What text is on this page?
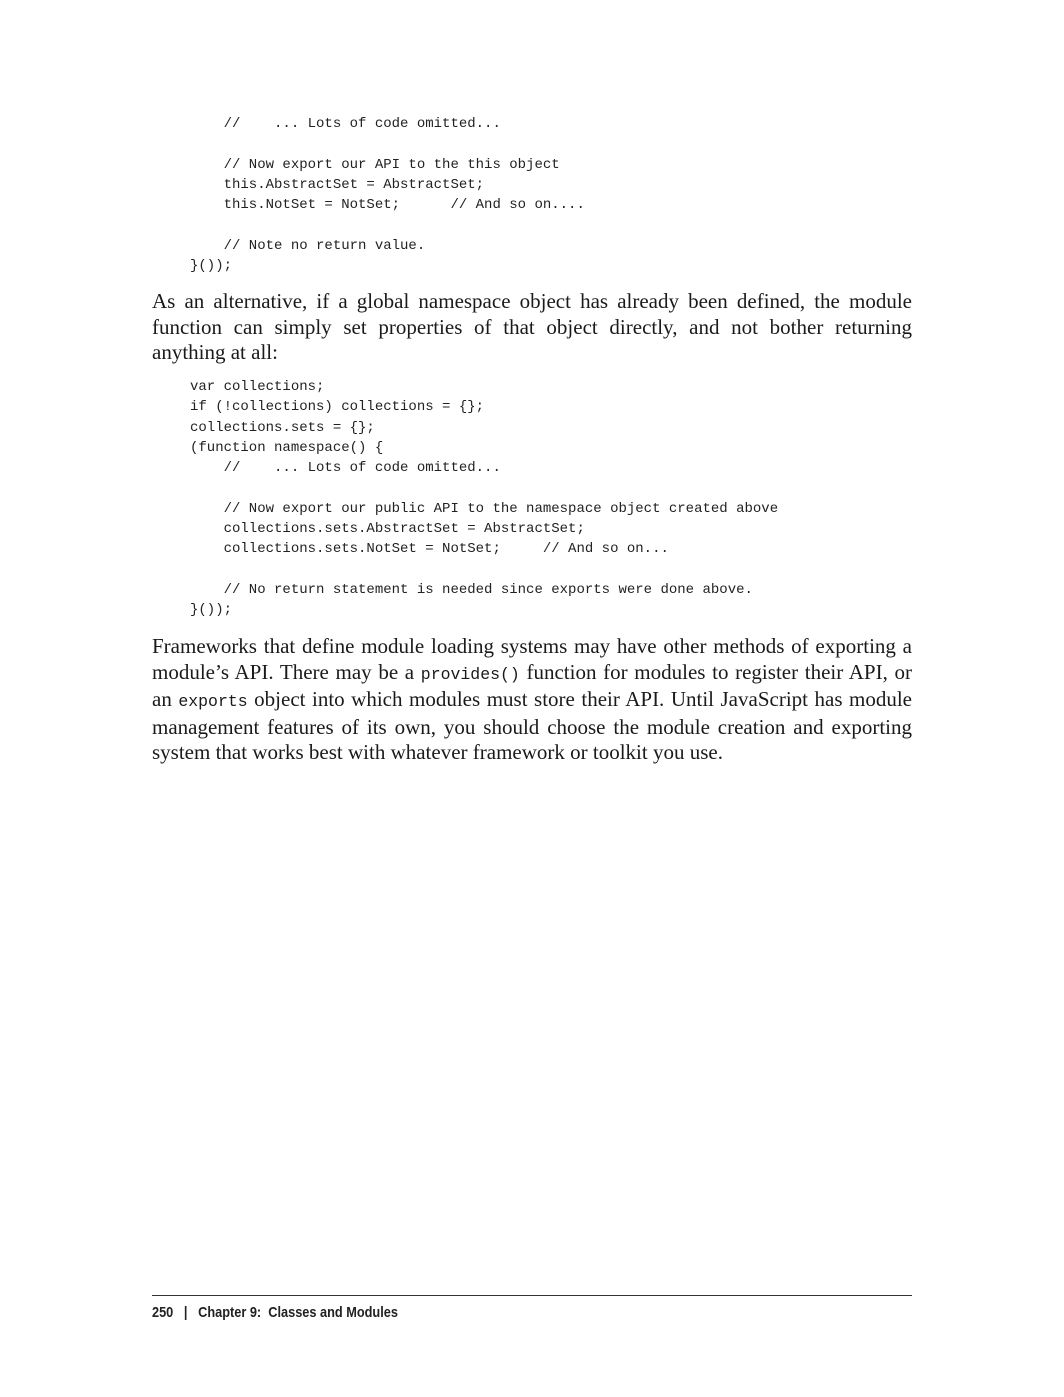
//    ... Lots of code omitted...
// Now export our API to the this object
this.AbstractSet = AbstractSet;
this.NotSet = NotSet;      // And so on....
// Note no return value.
}());

As an alternative, if a global namespace object has already been defined, the module function can simply set properties of that object directly, and not bother returning anything at all:

var collections;
if (!collections) collections = {};
collections.sets = {};
(function namespace() {
//    ... Lots of code omitted...
// Now export our public API to the namespace object created above
collections.sets.AbstractSet = AbstractSet;
collections.sets.NotSet = NotSet;     // And so on...
// No return statement is needed since exports were done above.
}());

Frameworks that define module loading systems may have other methods of exporting a module’s API. There may be a provides() function for modules to register their API, or an exports object into which modules must store their API. Until JavaScript has module management features of its own, you should choose the module creation and exporting system that works best with whatever framework or toolkit you use.

250 | Chapter 9:  Classes and Modules
